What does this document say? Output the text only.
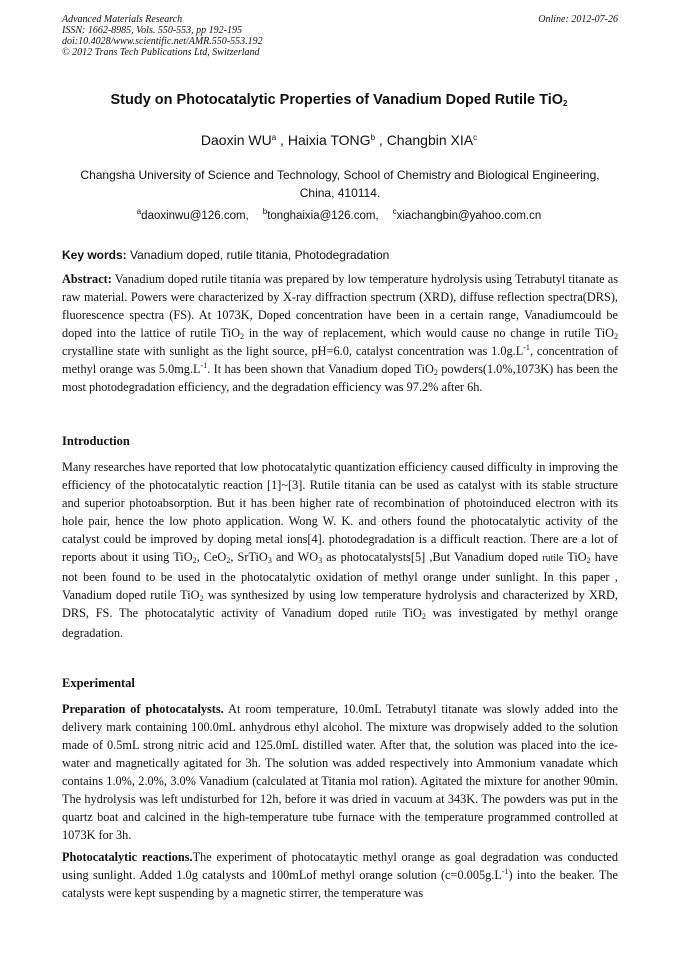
Advanced Materials Research
ISSN: 1662-8985, Vols. 550-553, pp 192-195
doi:10.4028/www.scientific.net/AMR.550-553.192
© 2012 Trans Tech Publications Ltd, Switzerland
Online: 2012-07-26
Study on Photocatalytic Properties of Vanadium Doped Rutile TiO$_2$
Daoxin $WU^a$ , Haixia TONG$^b$ , Changbin XIA$^c$
Changsha University of Science and Technology, School of Chemistry and Biological Engineering, China, 410114.
$^a$daoxinwu@126.com, $^b$tonghaixia@126.com, $^c$xiachangbin@yahoo.com.cn
Key words: Vanadium doped, rutile titania, Photodegradation
Abstract: Vanadium doped rutile titania was prepared by low temperature hydrolysis using Tetrabutyl titanate as raw material. Powers were characterized by X-ray diffraction spectrum (XRD), diffuse reflection spectra(DRS), fluorescence spectra (FS). At 1073K, Doped concentration have been in a certain range, Vanadiumcould be doped into the lattice of rutile TiO$_2$ in the way of replacement, which would cause no change in rutile TiO$_2$ crystalline state with sunlight as the light source, pH=6.0, catalyst concentration was $1.0g.L^{-1}$, concentration of methyl orange was $5.0mg.L^{-1}$. It has been shown that Vanadium doped TiO$_2$ powders(1.0%,1073K) has been the most photodegradation efficiency, and the degradation efficiency was 97.2% after 6h.
Introduction
Many researches have reported that low photocatalytic quantization efficiency caused difficulty in improving the efficiency of the photocatalytic reaction [1]~[3]. Rutile titania can be used as catalyst with its stable structure and superior photoabsorption. But it has been higher rate of recombination of photoinduced electron with its hole pair, hence the low photo application. Wong W. K. and others found the photocatalytic activity of the catalyst could be improved by doping metal ions[4]. photodegradation is a difficult reaction. There are a lot of reports about it using TiO$_2$, CeO$_2$, SrTiO$_3$ and $WO_3$ as photocatalysts[5] ,But Vanadium doped rutile TiO$_2$ have not been found to be used in the photocatalytic oxidation of methyl orange under sunlight. In this paper , Vanadium doped rutile TiO$_2$ was synthesized by using low temperature hydrolysis and characterized by XRD, DRS, FS. The photocatalytic activity of Vanadium doped rutile TiO$_2$ was investigated by methyl orange degradation.
Experimental
Preparation of photocatalysts. At room temperature, 10.0mL Tetrabutyl titanate was slowly added into the delivery mark containing 100.0mL anhydrous ethyl alcohol. The mixture was dropwisely added to the solution made of 0.5mL strong nitric acid and 125.0mL distilled water. After that, the solution was placed into the ice-water and magnetically agitated for 3h. The solution was added respectively into Ammonium vanadate which contains 1.0%, 2.0%, 3.0% Vanadium (calculated at Titania mol ration). Agitated the mixture for another 90min. The hydrolysis was left undisturbed for 12h, before it was dried in vacuum at 343K. The powders was put in the quartz boat and calcined in the high-temperature tube furnace with the temperature programmed controlled at 1073K for 3h.
Photocatalytic reactions.The experiment of photocataytic methyl orange as goal degradation was conducted using sunlight. Added 1.0g catalysts and 100mLof methyl orange solution $(c=0.005g.L^{-1})$ into the beaker. The catalysts were kept suspending by a magnetic stirrer, the temperature was
